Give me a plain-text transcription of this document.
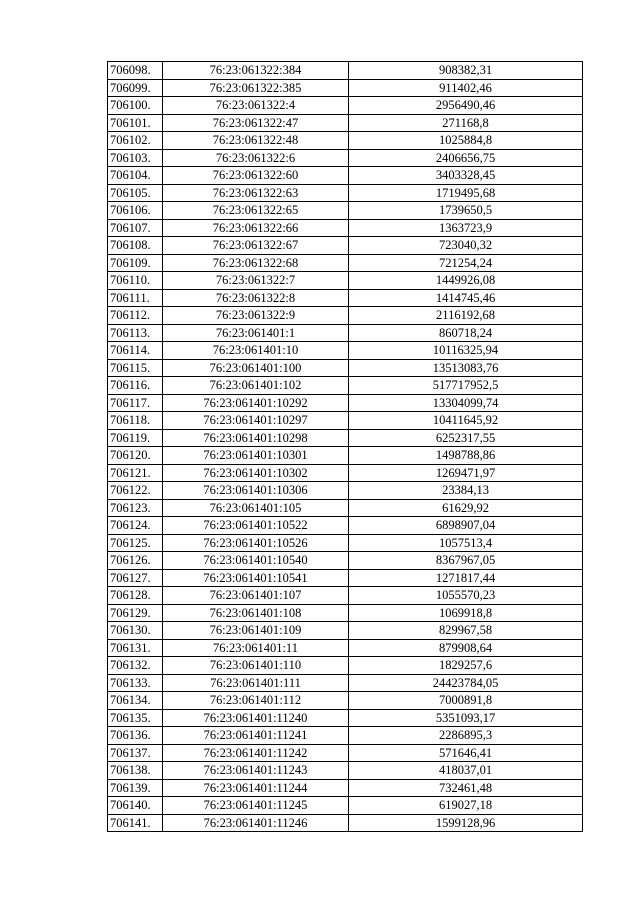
706098.	76:23:061322:384	908382,31
706099.	76:23:061322:385	911402,46
706100.	76:23:061322:4	2956490,46
706101.	76:23:061322:47	271168,8
706102.	76:23:061322:48	1025884,8
706103.	76:23:061322:6	2406656,75
706104.	76:23:061322:60	3403328,45
706105.	76:23:061322:63	1719495,68
706106.	76:23:061322:65	1739650,5
706107.	76:23:061322:66	1363723,9
706108.	76:23:061322:67	723040,32
706109.	76:23:061322:68	721254,24
706110.	76:23:061322:7	1449926,08
706111.	76:23:061322:8	1414745,46
706112.	76:23:061322:9	2116192,68
706113.	76:23:061401:1	860718,24
706114.	76:23:061401:10	10116325,94
706115.	76:23:061401:100	13513083,76
706116.	76:23:061401:102	517717952,5
706117.	76:23:061401:10292	13304099,74
706118.	76:23:061401:10297	10411645,92
706119.	76:23:061401:10298	6252317,55
706120.	76:23:061401:10301	1498788,86
706121.	76:23:061401:10302	1269471,97
706122.	76:23:061401:10306	23384,13
706123.	76:23:061401:105	61629,92
706124.	76:23:061401:10522	6898907,04
706125.	76:23:061401:10526	1057513,4
706126.	76:23:061401:10540	8367967,05
706127.	76:23:061401:10541	1271817,44
706128.	76:23:061401:107	1055570,23
706129.	76:23:061401:108	1069918,8
706130.	76:23:061401:109	829967,58
706131.	76:23:061401:11	879908,64
706132.	76:23:061401:110	1829257,6
706133.	76:23:061401:111	24423784,05
706134.	76:23:061401:112	7000891,8
706135.	76:23:061401:11240	5351093,17
706136.	76:23:061401:11241	2286895,3
706137.	76:23:061401:11242	571646,41
706138.	76:23:061401:11243	418037,01
706139.	76:23:061401:11244	732461,48
706140.	76:23:061401:11245	619027,18
706141.	76:23:061401:11246	1599128,96
